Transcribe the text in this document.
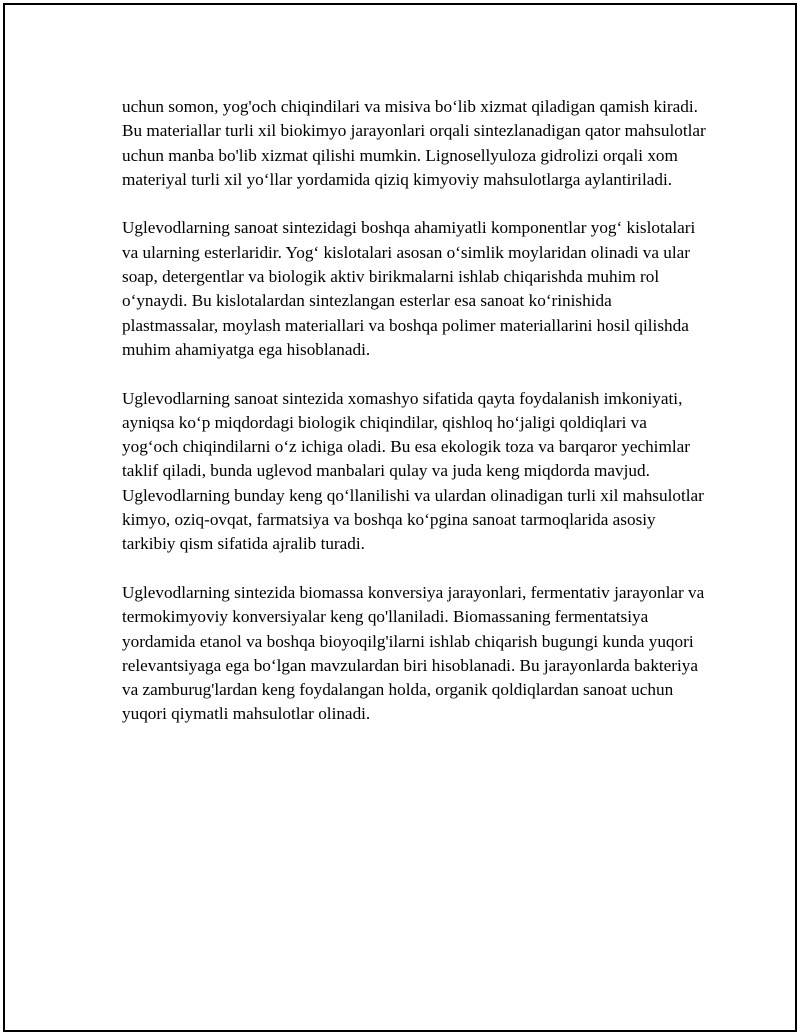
uchun somon, yog'och chiqindilari va misiva boʻlib xizmat qiladigan qamish kiradi. Bu materiallar turli xil biokimyo jarayonlari orqali sintezlanadigan qator mahsulotlar uchun manba bo'lib xizmat qilishi mumkin. Lignosellyuloza gidrolizi orqali xom materiyal turli xil yoʻllar yordamida qiziq kimyoviy mahsulotlarga aylantiriladi.

Uglevodlarning sanoat sintezidagi boshqa ahamiyatli komponentlar yogʻ kislotalari va ularning esterlaridir. Yogʻ kislotalari asosan oʻsimlik moylaridan olinadi va ular soap, detergentlar va biologik aktiv birikmalarni ishlab chiqarishda muhim rol oʻynaydi. Bu kislotalardan sintezlangan esterlar esa sanoat koʻrinishida plastmassalar, moylash materiallari va boshqa polimer materiallarini hosil qilishda muhim ahamiyatga ega hisoblanadi.

Uglevodlarning sanoat sintezida xomashyo sifatida qayta foydalanish imkoniyati, ayniqsa koʻp miqdordagi biologik chiqindilar, qishloq hoʻjaligi qoldiqlari va yogʻoch chiqindilarni oʻz ichiga oladi. Bu esa ekologik toza va barqaror yechimlar taklif qiladi, bunda uglevod manbalari qulay va juda keng miqdorda mavjud. Uglevodlarning bunday keng qoʻllanilishi va ulardan olinadigan turli xil mahsulotlar kimyo, oziq-ovqat, farmatsiya va boshqa koʻpgina sanoat tarmoqlarida asosiy tarkibiy qism sifatida ajralib turadi.

Uglevodlarning sintezida biomassa konversiya jarayonlari, fermentativ jarayonlar va termokimyoviy konversiyalar keng qo'llaniladi. Biomassaning fermentatsiya yordamida etanol va boshqa bioyoqilg'ilarni ishlab chiqarish bugungi kunda yuqori relevantsiyaga ega boʻlgan mavzulardan biri hisoblanadi. Bu jarayonlarda bakteriya va zamburug'lardan keng foydalangan holda, organik qoldiqlardan sanoat uchun yuqori qiymatli mahsulotlar olinadi.
